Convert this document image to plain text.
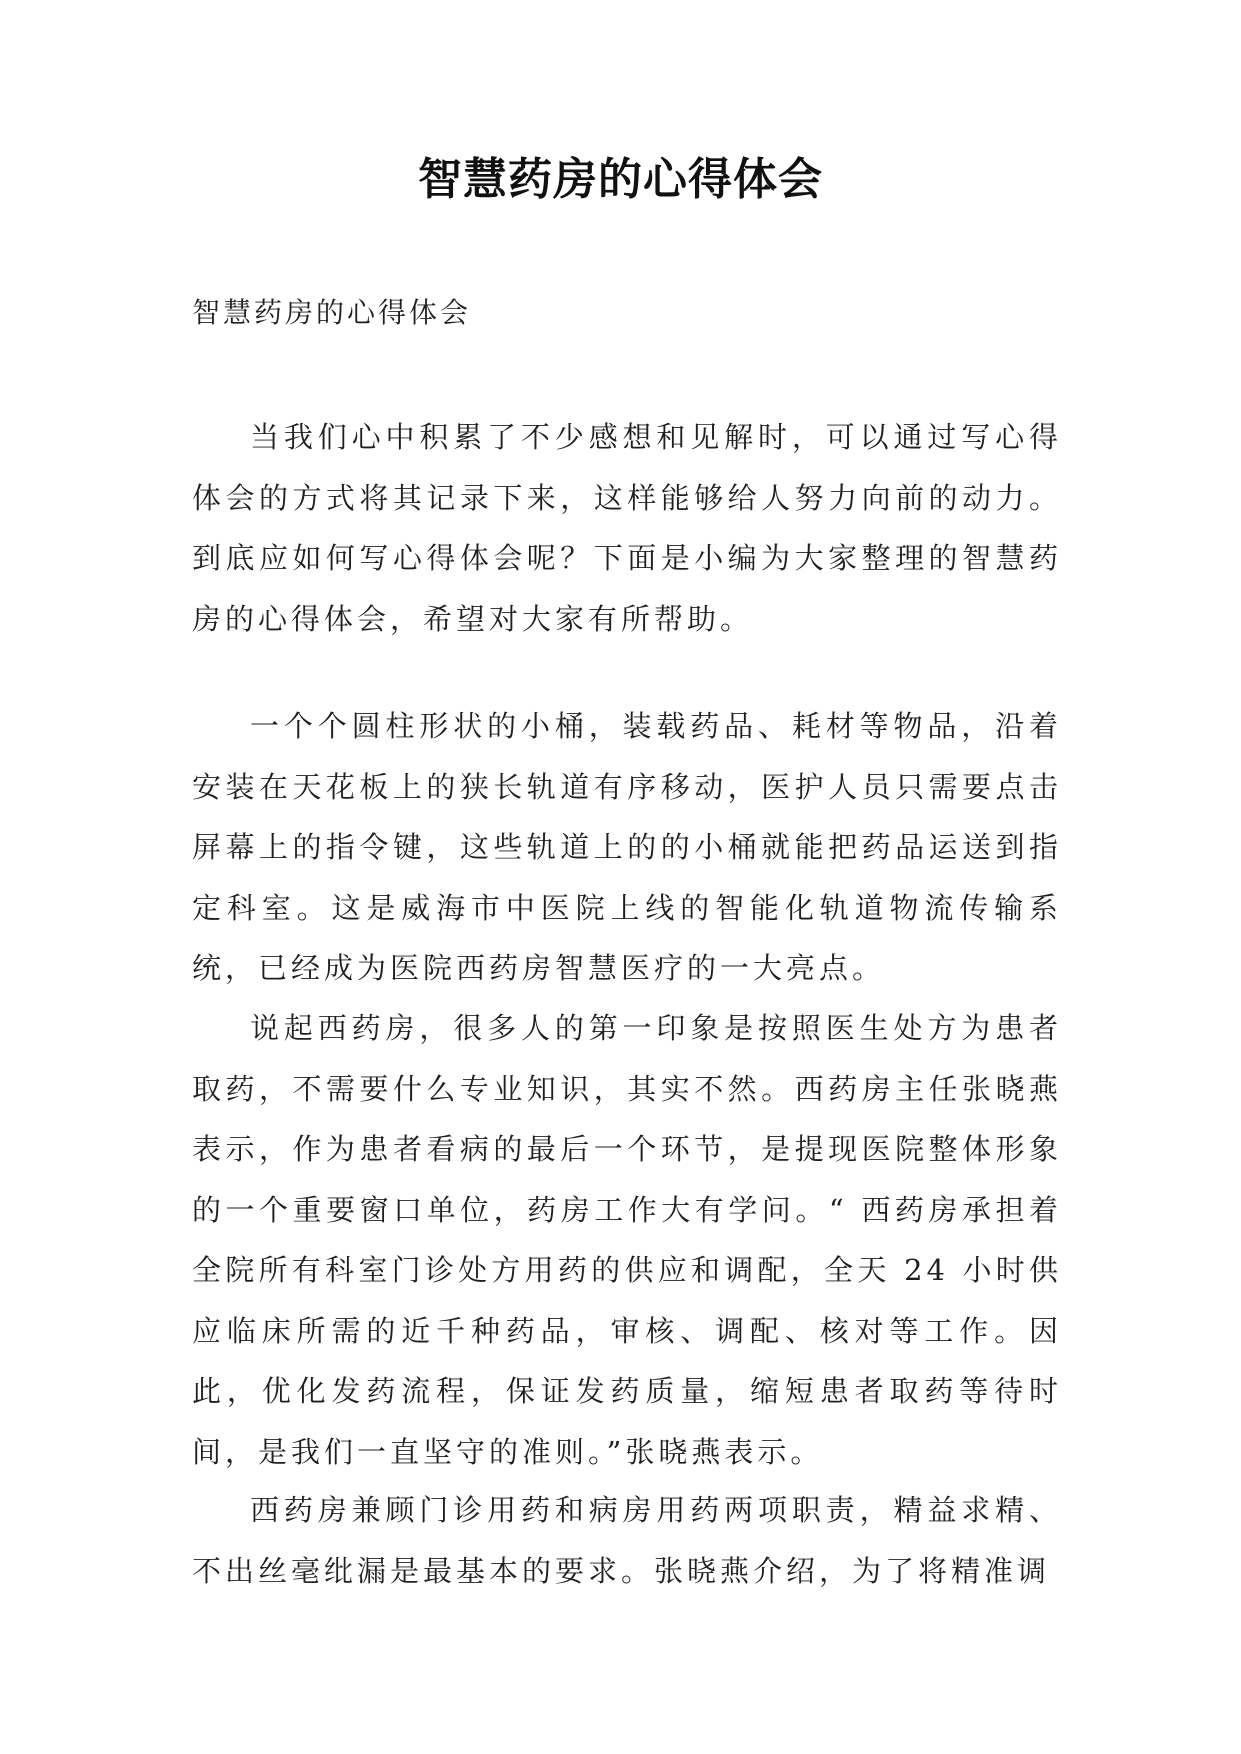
智慧药房的心得体会
智慧药房的心得体会

当我们心中积累了不少感想和见解时，可以通过写心得体会的方式将其记录下来，这样能够给人努力向前的动力。到底应如何写心得体会呢？下面是小编为大家整理的智慧药房的心得体会，希望对大家有所帮助。

一个个圆柱形状的小桶，装载药品、耗材等物品，沿着安装在天花板上的狭长轨道有序移动，医护人员只需要点击屏幕上的指令键，这些轨道上的的小桶就能把药品运送到指定科室。这是威海市中医院上线的智能化轨道物流传输系统，已经成为医院西药房智慧医疗的一大亮点。

说起西药房，很多人的第一印象是按照医生处方为患者取药，不需要什么专业知识，其实不然。西药房主任张晓燕表示，作为患者看病的最后一个环节，是提现医院整体形象的一个重要窗口单位，药房工作大有学问。“ 西药房承担着全院所有科室门诊处方用药的供应和调配，全天 24 小时供应临床所需的近千种药品，审核、调配、核对等工作。因此，优化发药流程，保证发药质量，缩短患者取药等待时间，是我们一直坚守的准则。”张晓燕表示。

西药房兼顾门诊用药和病房用药两项职责，精益求精、不出丝毫纰漏是最基本的要求。张晓燕介绍，为了将精准调
